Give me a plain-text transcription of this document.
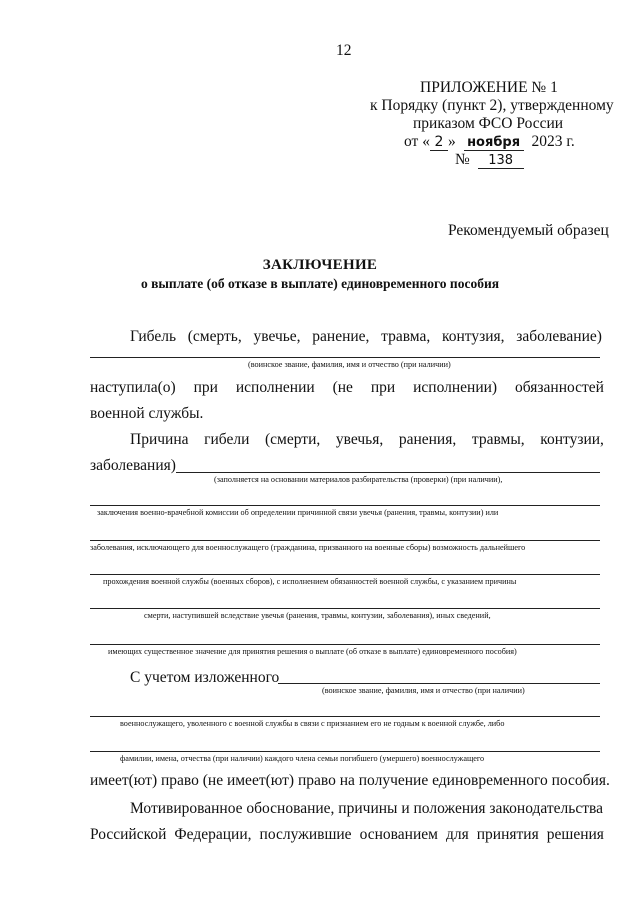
12
ПРИЛОЖЕНИЕ № 1
к Порядку (пункт 2), утвержденному
приказом ФСО России
от « 2 » ноября 2023 г.
№ 138
Рекомендуемый образец
ЗАКЛЮЧЕНИЕ
о выплате (об отказе в выплате) единовременного пособия
Гибель (смерть, увечье, ранение, травма, контузия, заболевание)
(воинское звание, фамилия, имя и отчество (при наличии)
наступила(о) при исполнении (не при исполнении) обязанностей
военной службы.
Причина гибели (смерти, увечья, ранения, травмы, контузии,
заболевания)
(заполняется на основании материалов разбирательства (проверки) (при наличии),
заключения военно-врачебной комиссии об определении причинной связи увечья (ранения, травмы, контузии) или
заболевания, исключающего для военнослужащего (гражданина, призванного на военные сборы) возможность дальнейшего
прохождения военной службы (военных сборов), с исполнением обязанностей военной службы, с указанием причины
смерти, наступившей вследствие увечья (ранения, травмы, контузии, заболевания), иных сведений,
имеющих существенное значение для принятия решения о выплате (об отказе в выплате) единовременного пособия)
С учетом изложенного
(воинское звание, фамилия, имя и отчество (при наличии)
военнослужащего, уволенного с военной службы в связи с признанием его не годным к военной службе, либо
фамилии, имена, отчества (при наличии) каждого члена семьи погибшего (умершего) военнослужащего
имеет(ют) право (не имеет(ют) право на получение единовременного пособия.
Мотивированное обоснование, причины и положения законодательства
Российской Федерации, послужившие основанием для принятия решения
